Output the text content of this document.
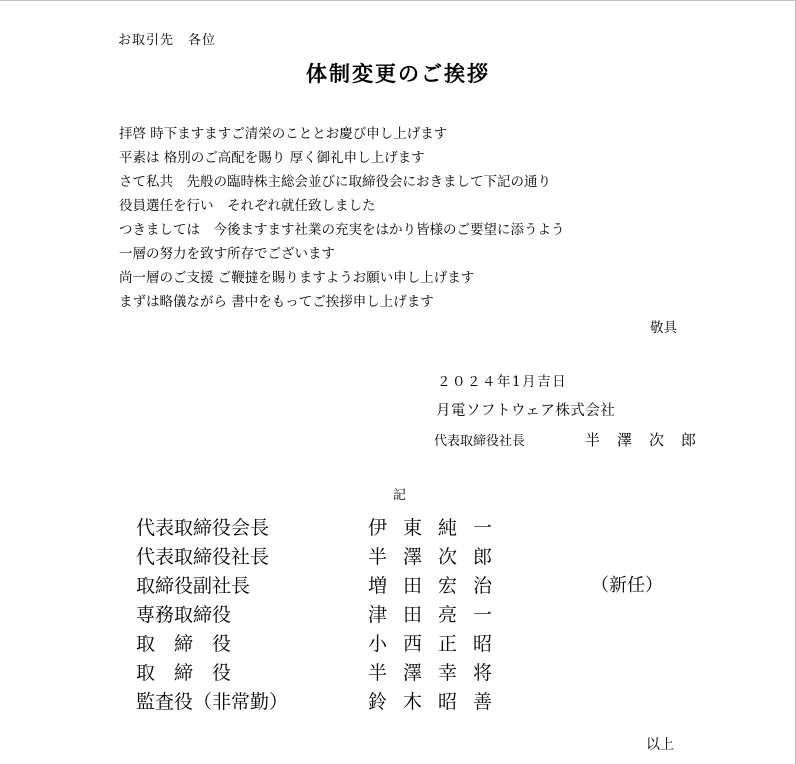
お取引先　各位
体制変更のご挨拶
拝啓 時下ますますご清栄のこととお慶び申し上げます
平素は 格別のご高配を賜り 厚く御礼申し上げます
さて私共　先般の臨時株主総会並びに取締役会におきまして下記の通り
役員選任を行い　それぞれ就任致しました
つきましては　今後ますます社業の充実をはかり皆様のご要望に添うよう
一層の努力を致す所存でございます
尚一層のご支援 ご鞭撻を賜りますようお願い申し上げます
まずは略儀ながら 書中をもってご挨拶申し上げます
敬具
２０２４年1月吉日
月電ソフトウェア株式会社
代表取締役社長	半澤次郎
記
代表取締役会長	伊東純一
代表取締役社長	半澤次郎
取締役副社長	増田宏治	（新任）
専務取締役	津田亮一
取　締　役	小西正昭
取　締　役	半澤幸将
監査役（非常勤）	鈴木昭善
以上
